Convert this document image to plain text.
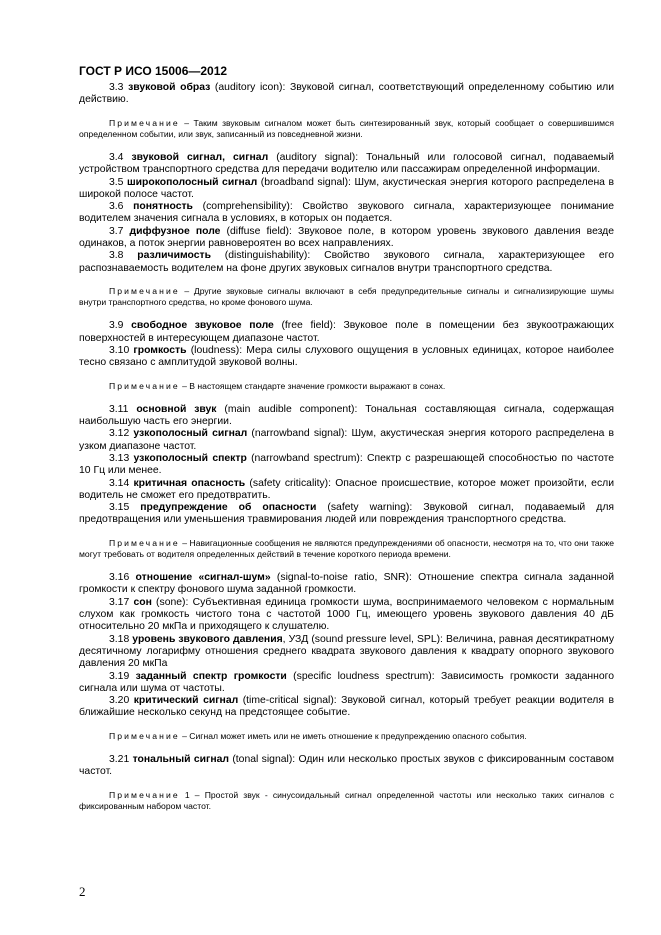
ГОСТ Р ИСО 15006—2012

3.3 звуковой образ (auditory icon): Звуковой сигнал, соответствующий определенному событию или действию.

Примечание – Таким звуковым сигналом может быть синтезированный звук, который сообщает о совершившимся определенном событии, или звук, записанный из повседневной жизни.

3.4 звуковой сигнал, сигнал (auditory signal): Тональный или голосовой сигнал, подаваемый устройством транспортного средства для передачи водителю или пассажирам определенной информации.

3.5 широкополосный сигнал (broadband signal): Шум, акустическая энергия которого распределена в широкой полосе частот.

3.6 понятность (comprehensibility): Свойство звукового сигнала, характеризующее понимание водителем значения сигнала в условиях, в которых он подается.

3.7 диффузное поле (diffuse field): Звуковое поле, в котором уровень звукового давления везде одинаков, а поток энергии равновероятен во всех направлениях.

3.8 различимость (distinguishability): Свойство звукового сигнала, характеризующее его распознаваемость водителем на фоне других звуковых сигналов внутри транспортного средства.

Примечание – Другие звуковые сигналы включают в себя предупредительные сигналы и сигнализирующие шумы внутри транспортного средства, но кроме фонового шума.

3.9 свободное звуковое поле (free field): Звуковое поле в помещении без звукоотражающих поверхностей в интересующем диапазоне частот.

3.10 громкость (loudness): Мера силы слухового ощущения в условных единицах, которое наиболее тесно связано с амплитудой звуковой волны.

Примечание – В настоящем стандарте значение громкости выражают в сонах.

3.11 основной звук (main audible component): Тональная составляющая сигнала, содержащая наибольшую часть его энергии.

3.12 узкополосный сигнал (narrowband signal): Шум, акустическая энергия которого распределена в узком диапазоне частот.

3.13 узкополосный спектр (narrowband spectrum): Спектр с разрешающей способностью по частоте 10 Гц или менее.

3.14 критичная опасность (safety criticality): Опасное происшествие, которое может произойти, если водитель не сможет его предотвратить.

3.15 предупреждение об опасности (safety warning): Звуковой сигнал, подаваемый для предотвращения или уменьшения травмирования людей или повреждения транспортного средства.

Примечание – Навигационные сообщения не являются предупреждениями об опасности, несмотря на то, что они также могут требовать от водителя определенных действий в течение короткого периода времени.

3.16 отношение «сигнал-шум» (signal-to-noise ratio, SNR): Отношение спектра сигнала заданной громкости к спектру фонового шума заданной громкости.

3.17 сон (sone): Субъективная единица громкости шума, воспринимаемого человеком с нормальным слухом как громкость чистого тона с частотой 1000 Гц, имеющего уровень звукового давления 40 дБ относительно 20 мкПа и приходящего к слушателю.

3.18 уровень звукового давления, УЗД (sound pressure level, SPL): Величина, равная десятикратному десятичному логарифму отношения среднего квадрата звукового давления к квадрату опорного звукового давления 20 мкПа

3.19 заданный спектр громкости (specific loudness spectrum): Зависимость громкости заданного сигнала или шума от частоты.

3.20 критический сигнал (time-critical signal): Звуковой сигнал, который требует реакции водителя в ближайшие несколько секунд на предстоящее событие.

Примечание – Сигнал может иметь или не иметь отношение к предупреждению опасного события.

3.21 тональный сигнал (tonal signal): Один или несколько простых звуков с фиксированным составом частот.

Примечание 1 – Простой звук - синусоидальный сигнал определенной частоты или несколько таких сигналов с фиксированным набором частот.

2
